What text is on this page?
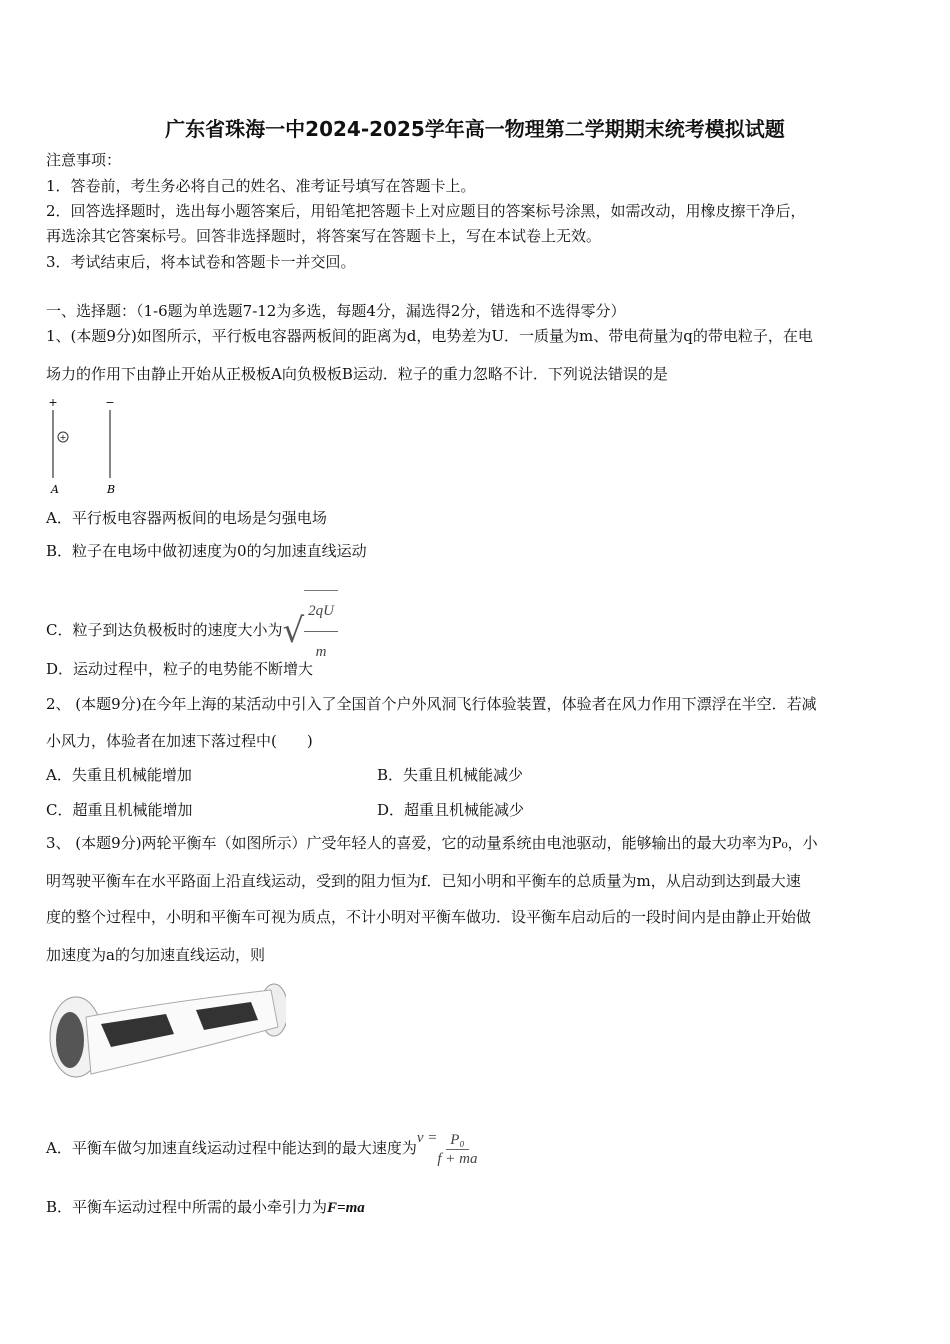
广东省珠海一中2024-2025学年高一物理第二学期期末统考模拟试题
注意事项：
1．答卷前，考生务必将自己的姓名、准考证号填写在答题卡上。
2．回答选择题时，选出每小题答案后，用铅笔把答题卡上对应题目的答案标号涂黑，如需改动，用橡皮擦干净后，
再选涂其它答案标号。回答非选择题时，将答案写在答题卡上，写在本试卷上无效。
3．考试结束后，将本试卷和答题卡一并交回。
一、选择题：（1-6题为单选题7-12为多选，每题4分，漏选得2分，错选和不选得零分）
1、(本题9分)如图所示，平行板电容器两板间的距离为d，电势差为U．一质量为m、带电荷量为q的带电粒子，在电
场力的作用下由静止开始从正极板A向负极板B运动．粒子的重力忽略不计．下列说法错误的是
+	−
+
A	B
A．平行板电容器两板间的电场是匀强电场
B．粒子在电场中做初速度为0的匀加速直线运动
C．粒子到达负极板时的速度大小为 √ $\frac{2qU}{m}$
D．运动过程中，粒子的电势能不断增大
2、 (本题9分)在今年上海的某活动中引入了全国首个户外风洞飞行体验装置，体验者在风力作用下漂浮在半空．若减
小风力，体验者在加速下落过程中(　　)
A．失重且机械能增加	B．失重且机械能减少
C．超重且机械能增加	D．超重且机械能减少
3、 (本题9分)两轮平衡车（如图所示）广受年轻人的喜爱，它的动量系统由电池驱动，能够输出的最大功率为P₀，小
明驾驶平衡车在水平路面上沿直线运动，受到的阻力恒为f．已知小明和平衡车的总质量为m，从启动到达到最大速
度的整个过程中，小明和平衡车可视为质点，不计小明对平衡车做功．设平衡车启动后的一段时间内是由静止开始做
加速度为a的匀加速直线运动，则
A．平衡车做匀加速直线运动过程中能达到的最大速度为
$v = \frac{\text{P₀}}{f + ma}$
B．平衡车运动过程中所需的最小牵引力为F=ma
